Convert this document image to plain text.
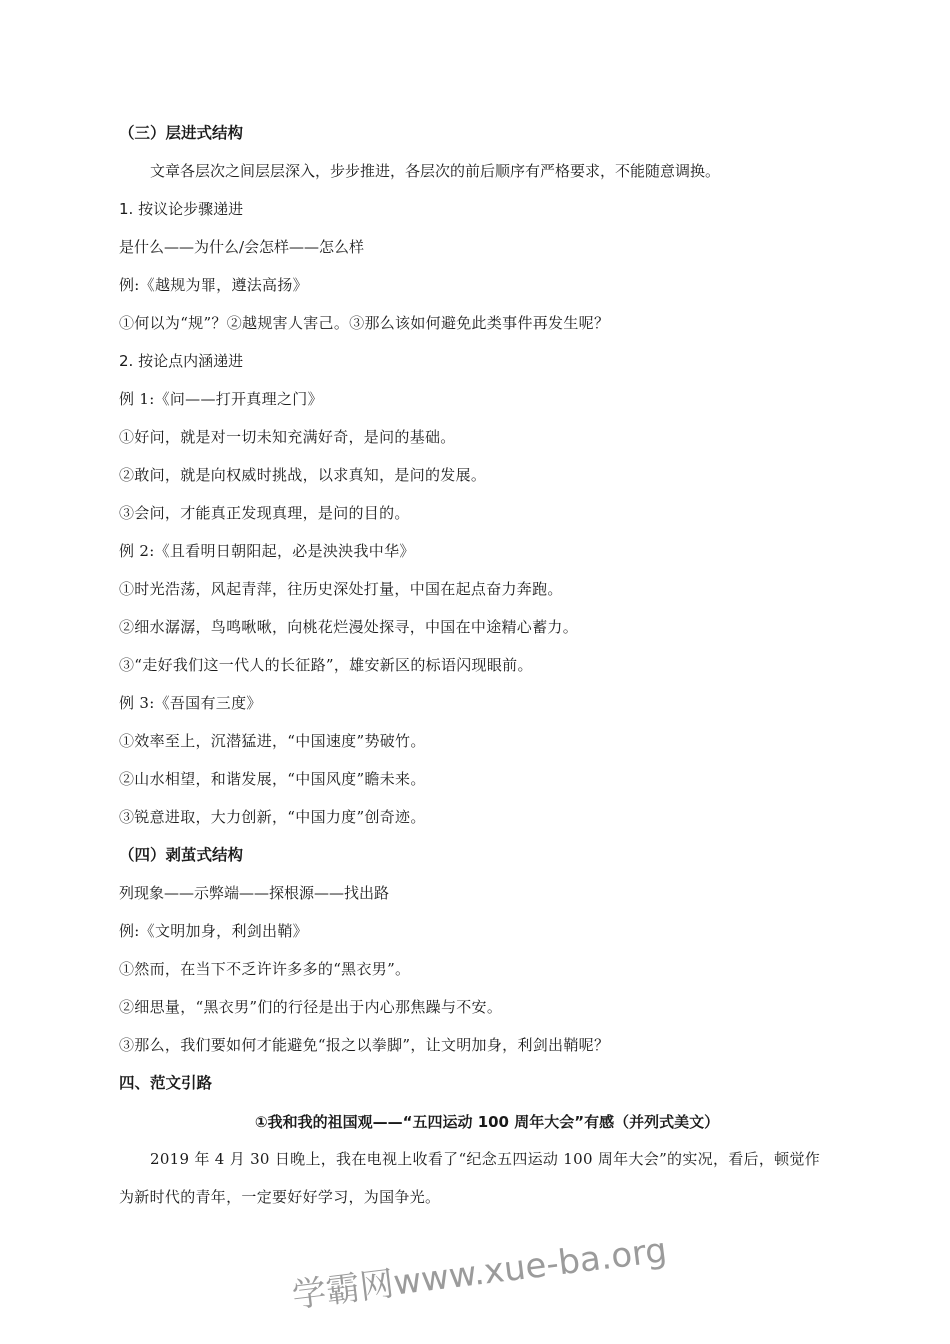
（三）层进式结构
文章各层次之间层层深入，步步推进，各层次的前后顺序有严格要求，不能随意调换。
1. 按议论步骤递进
是什么——为什么/会怎样——怎么样
例:《越规为罪，遵法高扬》
①何以为“规”？②越规害人害己。③那么该如何避免此类事件再发生呢？
2. 按论点内涵递进
例 1:《问——打开真理之门》
①好问，就是对一切未知充满好奇，是问的基础。
②敢问，就是向权威时挑战，以求真知，是问的发展。
③会问，才能真正发现真理，是问的目的。
例 2:《且看明日朝阳起，必是泱泱我中华》
①时光浩荡，风起青萍，往历史深处打量，中国在起点奋力奔跑。
②细水潺潺，鸟鸣啾啾，向桃花烂漫处探寻，中国在中途精心蓄力。
③“走好我们这一代人的长征路”，雄安新区的标语闪现眼前。
例 3:《吾国有三度》
①效率至上，沉潜猛进，“中国速度”势破竹。
②山水相望，和谐发展，“中国风度”瞻未来。
③锐意进取，大力创新，“中国力度”创奇迹。
（四）剥茧式结构
列现象——示弊端——探根源——找出路
例:《文明加身，利剑出鞘》
①然而，在当下不乏许许多多的“黑衣男”。
②细思量，“黑衣男”们的行径是出于内心那焦躁与不安。
③那么，我们要如何才能避免“报之以拳脚”，让文明加身，利剑出鞘呢？
四、范文引路
①我和我的祖国观——“五四运动 100 周年大会”有感（并列式美文）
2019 年 4 月 30 日晚上，我在电视上收看了“纪念五四运动 100 周年大会”的实况，看后，顿觉作
为新时代的青年，一定要好好学习，为国争光。
学霸网www.xue-ba.org
